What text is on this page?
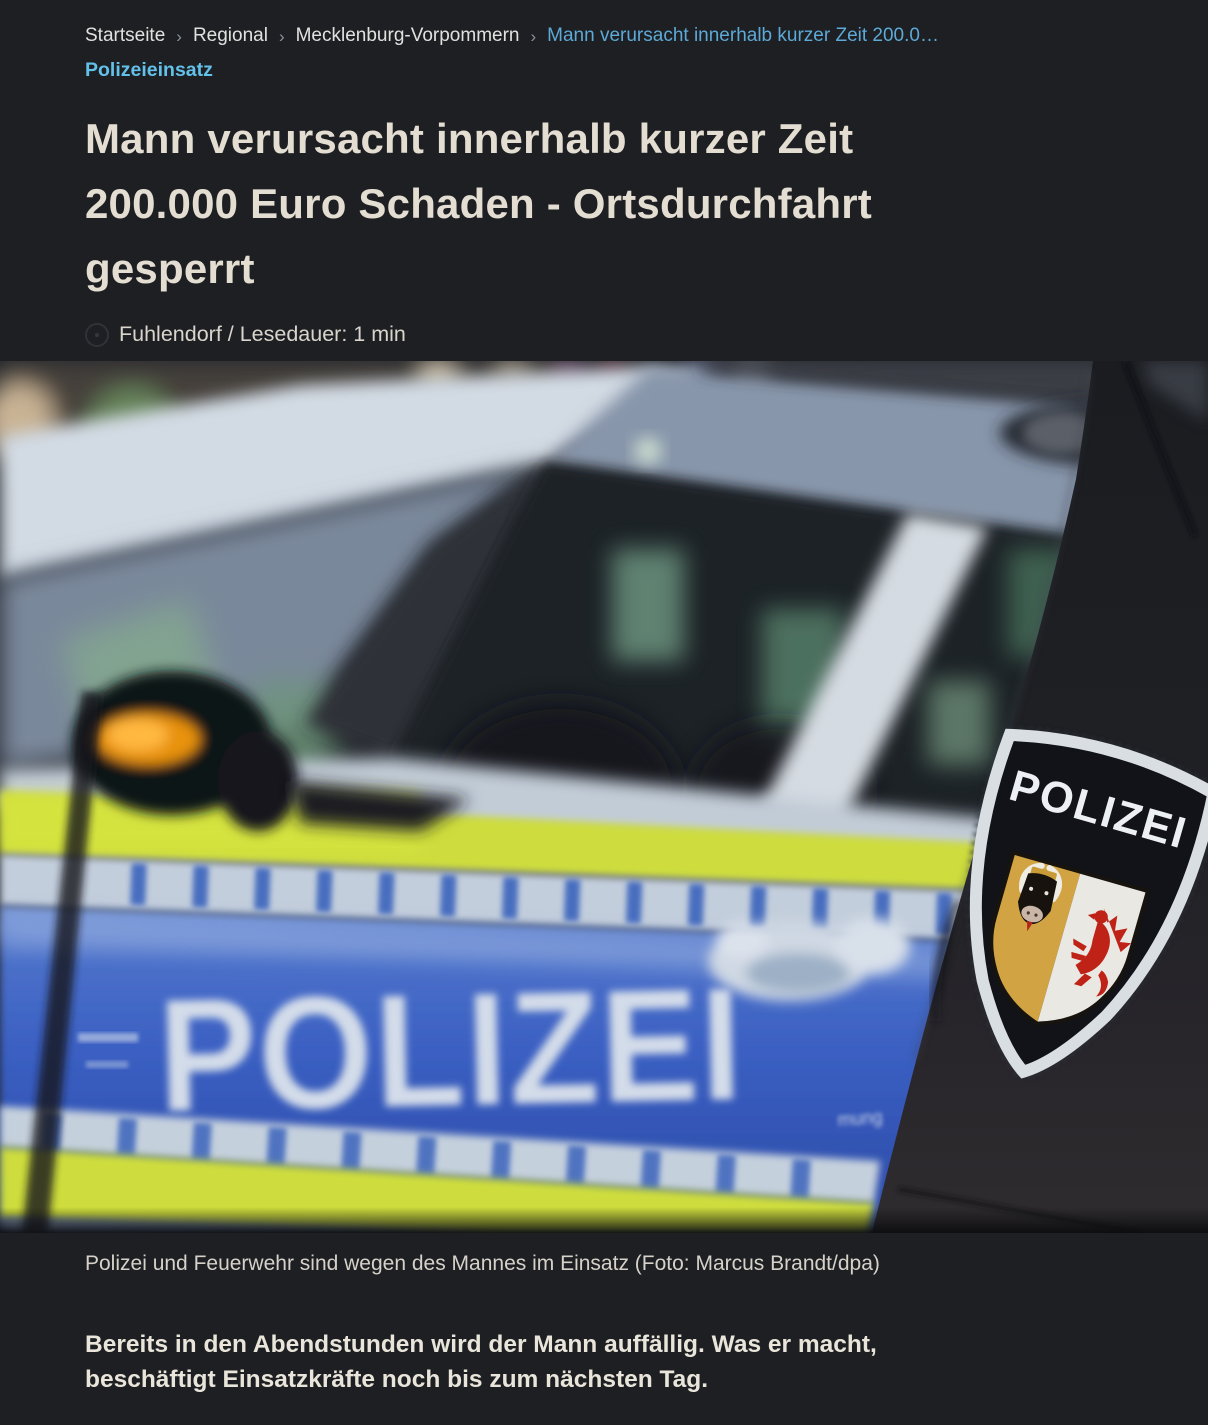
Startseite › Regional › Mecklenburg-Vorpommern › Mann verursacht innerhalb kurzer Zeit 200.0…
Polizeieinsatz
Mann verursacht innerhalb kurzer Zeit 200.000 Euro Schaden - Ortsdurchfahrt gesperrt
Fuhlendorf / Lesedauer: 1 min
POLIZEI mung
POLIZEI
Polizei und Feuerwehr sind wegen des Mannes im Einsatz (Foto: Marcus Brandt/dpa)

Bereits in den Abendstunden wird der Mann auffällig. Was er macht, beschäftigt Einsatzkräfte noch bis zum nächsten Tag.
